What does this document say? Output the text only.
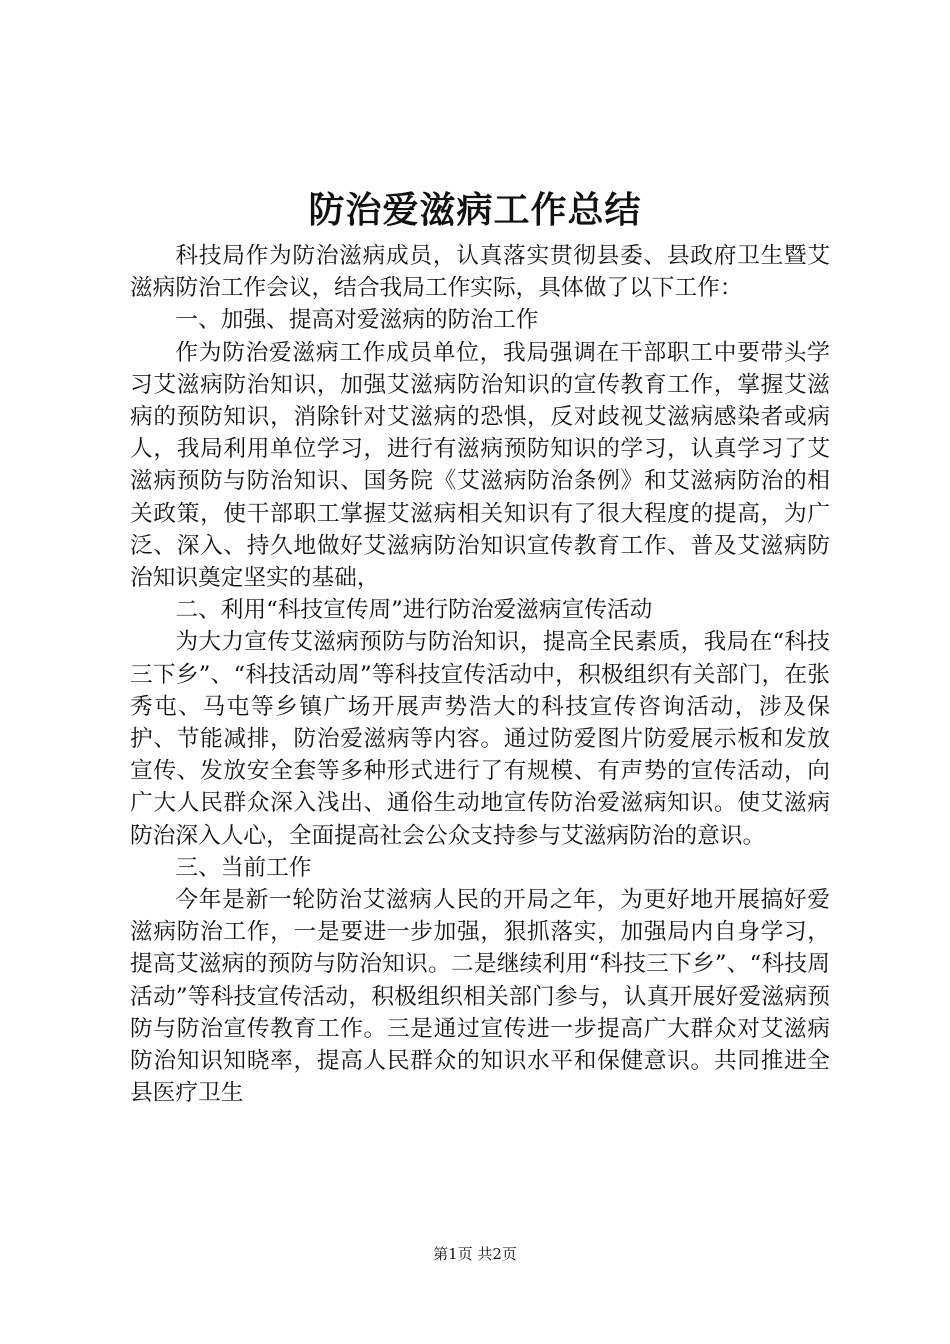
防治爱滋病工作总结

科技局作为防治滋病成员，认真落实贯彻县委、县政府卫生暨艾滋病防治工作会议，结合我局工作实际，具体做了以下工作：

一、加强、提高对爱滋病的防治工作

作为防治爱滋病工作成员单位，我局强调在干部职工中要带头学习艾滋病防治知识，加强艾滋病防治知识的宣传教育工作，掌握艾滋病的预防知识，消除针对艾滋病的恐惧，反对歧视艾滋病感染者或病人，我局利用单位学习，进行有滋病预防知识的学习，认真学习了艾滋病预防与防治知识、国务院《艾滋病防治条例》和艾滋病防治的相关政策，使干部职工掌握艾滋病相关知识有了很大程度的提高，为广泛、深入、持久地做好艾滋病防治知识宣传教育工作、普及艾滋病防治知识奠定坚实的基础，

二、利用“科技宣传周”进行防治爱滋病宣传活动

为大力宣传艾滋病预防与防治知识，提高全民素质，我局在“科技三下乡”、“科技活动周”等科技宣传活动中，积极组织有关部门，在张秀屯、马屯等乡镇广场开展声势浩大的科技宣传咨询活动，涉及保护、节能减排，防治爱滋病等内容。通过防爱图片防爱展示板和发放宣传、发放安全套等多种形式进行了有规模、有声势的宣传活动，向广大人民群众深入浅出、通俗生动地宣传防治爱滋病知识。使艾滋病防治深入人心，全面提高社会公众支持参与艾滋病防治的意识。

三、当前工作

今年是新一轮防治艾滋病人民的开局之年，为更好地开展搞好爱滋病防治工作，一是要进一步加强，狠抓落实，加强局内自身学习，提高艾滋病的预防与防治知识。二是继续利用“科技三下乡”、“科技周活动”等科技宣传活动，积极组织相关部门参与，认真开展好爱滋病预防与防治宣传教育工作。三是通过宣传进一步提高广大群众对艾滋病防治知识知晓率，提高人民群众的知识水平和保健意识。共同推进全县医疗卫生

第1页 共2页
